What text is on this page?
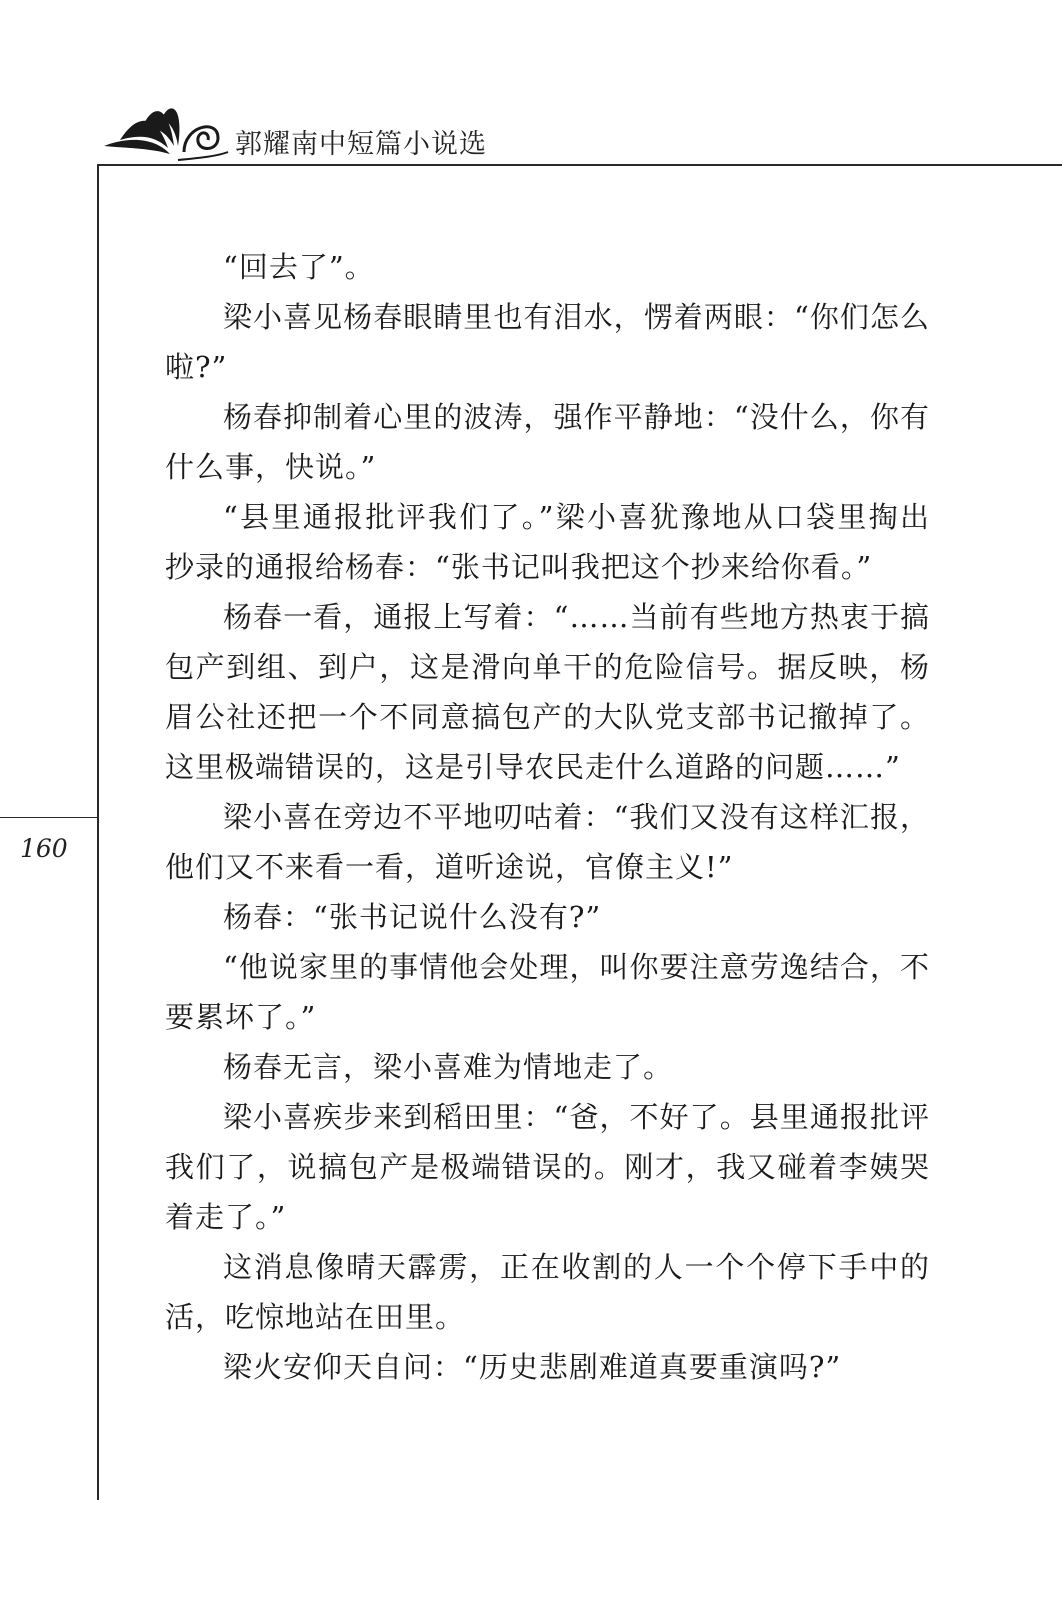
郭耀南中短篇小说选
160

“回去了”。

梁小喜见杨春眼睛里也有泪水，愣着两眼：“你们怎么啦?”

杨春抑制着心里的波涛，强作平静地：“没什么，你有什么事，快说。”

“县里通报批评我们了。”梁小喜犹豫地从口袋里掏出抄录的通报给杨春：“张书记叫我把这个抄来给你看。”

杨春一看，通报上写着：“……当前有些地方热衷于搞包产到组、到户，这是滑向单干的危险信号。据反映，杨眉公社还把一个不同意搞包产的大队党支部书记撤掉了。这里极端错误的，这是引导农民走什么道路的问题……”

梁小喜在旁边不平地叨咕着：“我们又没有这样汇报，他们又不来看一看，道听途说，官僚主义!”

杨春：“张书记说什么没有?”

“他说家里的事情他会处理，叫你要注意劳逸结合，不要累坏了。”

杨春无言，梁小喜难为情地走了。

梁小喜疾步来到稻田里：“爸，不好了。县里通报批评我们了，说搞包产是极端错误的。刚才，我又碰着李姨哭着走了。”

这消息像晴天霹雳，正在收割的人一个个停下手中的活，吃惊地站在田里。

梁火安仰天自问：“历史悲剧难道真要重演吗?”
